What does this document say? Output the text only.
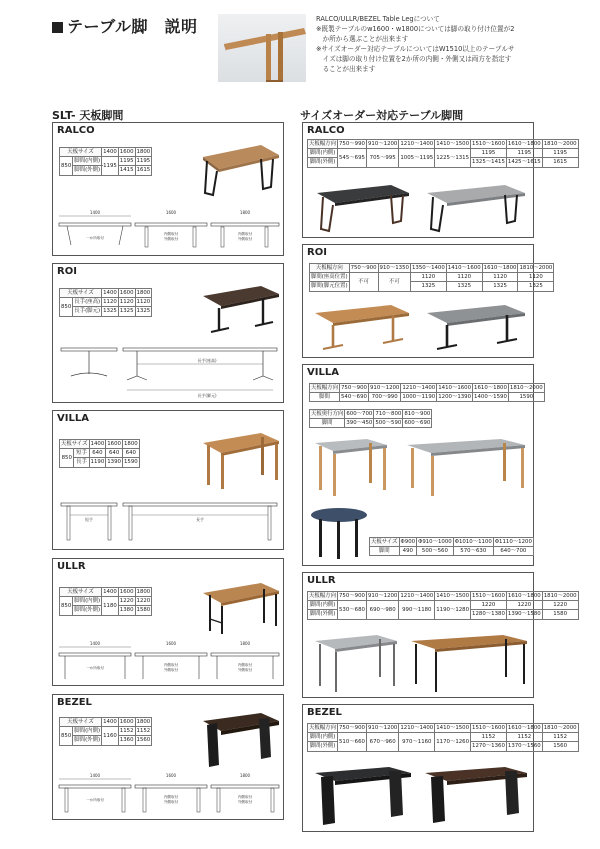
テーブル脚　説明	RALCO/ULLR/BEZEL Table Legについて
※既製テーブルのw1600・w1800については脚の取り付け位置が2
　か所から選ぶことが出来ます
※サイズオーダー対応テーブルについてはW1510以上のテーブルサ
　イズは脚の取り付け位置を2か所の内側・外側又は両方を指定す
　ることが出来ます
SLT- 天板脚間	サイズオーダー対応テーブル脚間
RALCO
天板サイズ		1400	1600	1800
850	脚間(内側)	1195	1195	1195
	脚間(外側)		1415	1615
1400	1600	1800
一か所取付
内側取付
外側取付
内側取付
外側取付
ROI
天板サイズ		1400	1600	1800
850	長手(座高)	1120	1120	1120
	長手(脚元)	1325	1325	1325
長手(座高)
長手(脚元)
VILLA
天板サイズ		1400	1600	1800
850	短手	640	640	640
	長手	1190	1390	1590
短手	長手
ULLR
天板サイズ		1400	1600	1800
850	脚間(内側)	1180	1220	1220
	脚間(外側)		1380	1580
1400	1600	1800
一か所取付
内側取付
外側取付
内側取付
外側取付
BEZEL
天板サイズ		1400	1600	1800
850	脚間(内側)	1160	1152	1152
	脚間(外側)		1360	1560
1400	1600	1800
一か所取付
内側取付
外側取付
内側取付
外側取付
RALCO
天板幅方向	750〜990	910〜1200	1210〜1400	1410〜1500	1510〜1600	1610〜1800	1810〜2000
脚間(内側)	545〜695	705〜995	1005〜1195	1225〜1315	1195	1195	1195
脚間(外側)					1325〜1415	1425〜1615	1615
ROI
天板幅方向	750〜900	910〜1350	1350〜1400	1410〜1600	1610〜1800	1810〜2000
脚間(座高位置)	不可	不可	1120	1120	1120	1120
脚間(脚元位置)			1325	1325	1325	1325
VILLA
天板幅方向	750〜900	910〜1200	1210〜1400	1410〜1600	1610〜1800	1810〜2000
脚間	540〜690	700〜990	1000〜1190	1200〜1390	1400〜1590	1590
天板奥行方向	600〜700	710〜800	810〜900
脚間	390〜450	500〜590	600〜690
天板サイズ	Φ900	Φ910〜1000	Φ1010〜1100	Φ1110〜1200
脚間	490	500〜560	570〜630	640〜700
ULLR
天板幅方向	750〜900	910〜1200	1210〜1400	1410〜1500	1510〜1600	1610〜1800	1810〜2000
脚間(内側)	530〜680	690〜980	990〜1180	1190〜1280	1220	1220	1220
脚間(外側)					1280〜1380	1390〜1580	1580
BEZEL
天板幅方向	750〜900	910〜1200	1210〜1400	1410〜1500	1510〜1600	1610〜1800	1810〜2000
脚間(内側)	510〜660	670〜960	970〜1160	1170〜1260	1152	1152	1152
脚間(外側)					1270〜1360	1370〜1560	1560
